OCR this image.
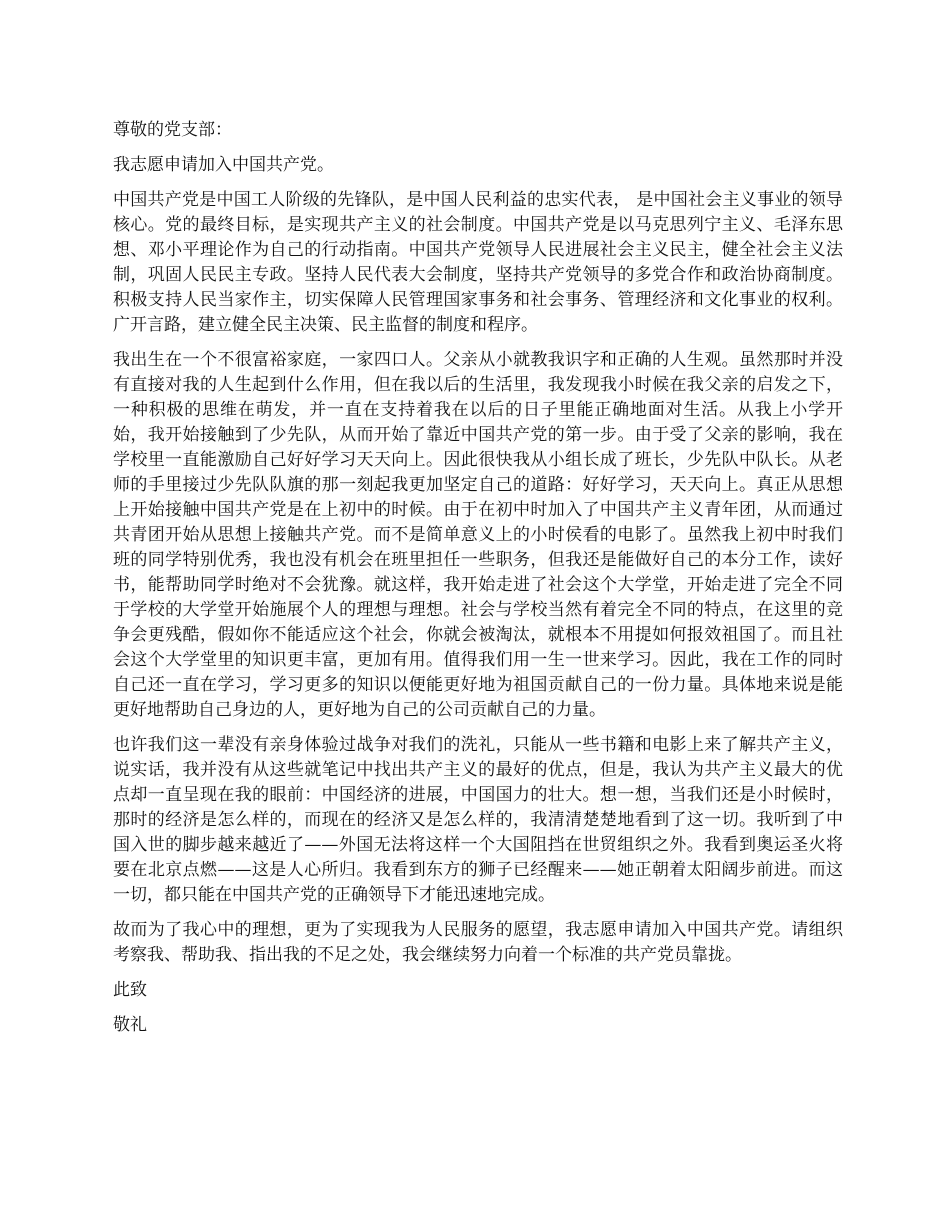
尊敬的党支部：

我志愿申请加入中国共产党。

中国共产党是中国工人阶级的先锋队，是中国人民利益的忠实代表， 是中国社会主义事业的领导核心。党的最终目标，是实现共产主义的社会制度。中国共产党是以马克思列宁主义、毛泽东思想、邓小平理论作为自己的行动指南。中国共产党领导人民进展社会主义民主，健全社会主义法制，巩固人民民主专政。坚持人民代表大会制度，坚持共产党领导的多党合作和政治协商制度。积极支持人民当家作主，切实保障人民管理国家事务和社会事务、管理经济和文化事业的权利。广开言路，建立健全民主决策、民主监督的制度和程序。

我出生在一个不很富裕家庭，一家四口人。父亲从小就教我识字和正确的人生观。虽然那时并没有直接对我的人生起到什么作用，但在我以后的生活里，我发现我小时候在我父亲的启发之下，一种积极的思维在萌发，并一直在支持着我在以后的日子里能正确地面对生活。从我上小学开始，我开始接触到了少先队，从而开始了靠近中国共产党的第一步。由于受了父亲的影响，我在学校里一直能激励自己好好学习天天向上。因此很快我从小组长成了班长，少先队中队长。从老师的手里接过少先队队旗的那一刻起我更加坚定自己的道路：好好学习，天天向上。真正从思想上开始接触中国共产党是在上初中的时候。由于在初中时加入了中国共产主义青年团，从而通过共青团开始从思想上接触共产党。而不是简单意义上的小时侯看的电影了。虽然我上初中时我们班的同学特别优秀，我也没有机会在班里担任一些职务，但我还是能做好自己的本分工作，读好书，能帮助同学时绝对不会犹豫。就这样，我开始走进了社会这个大学堂，开始走进了完全不同于学校的大学堂开始施展个人的理想与理想。社会与学校当然有着完全不同的特点，在这里的竞争会更残酷，假如你不能适应这个社会，你就会被淘汰，就根本不用提如何报效祖国了。而且社会这个大学堂里的知识更丰富，更加有用。值得我们用一生一世来学习。因此，我在工作的同时自己还一直在学习，学习更多的知识以便能更好地为祖国贡献自己的一份力量。具体地来说是能更好地帮助自己身边的人，更好地为自己的公司贡献自己的力量。

也许我们这一辈没有亲身体验过战争对我们的洗礼，只能从一些书籍和电影上来了解共产主义，说实话，我并没有从这些就笔记中找出共产主义的最好的优点，但是，我认为共产主义最大的优点却一直呈现在我的眼前：中国经济的进展，中国国力的壮大。想一想，当我们还是小时候时，那时的经济是怎么样的，而现在的经济又是怎么样的，我清清楚楚地看到了这一切。我听到了中国入世的脚步越来越近了——外国无法将这样一个大国阻挡在世贸组织之外。我看到奥运圣火将要在北京点燃——这是人心所归。我看到东方的狮子已经醒来——她正朝着太阳阔步前进。而这一切，都只能在中国共产党的正确领导下才能迅速地完成。

故而为了我心中的理想，更为了实现我为人民服务的愿望，我志愿申请加入中国共产党。请组织考察我、帮助我、指出我的不足之处，我会继续努力向着一个标准的共产党员靠拢。

此致

敬礼
